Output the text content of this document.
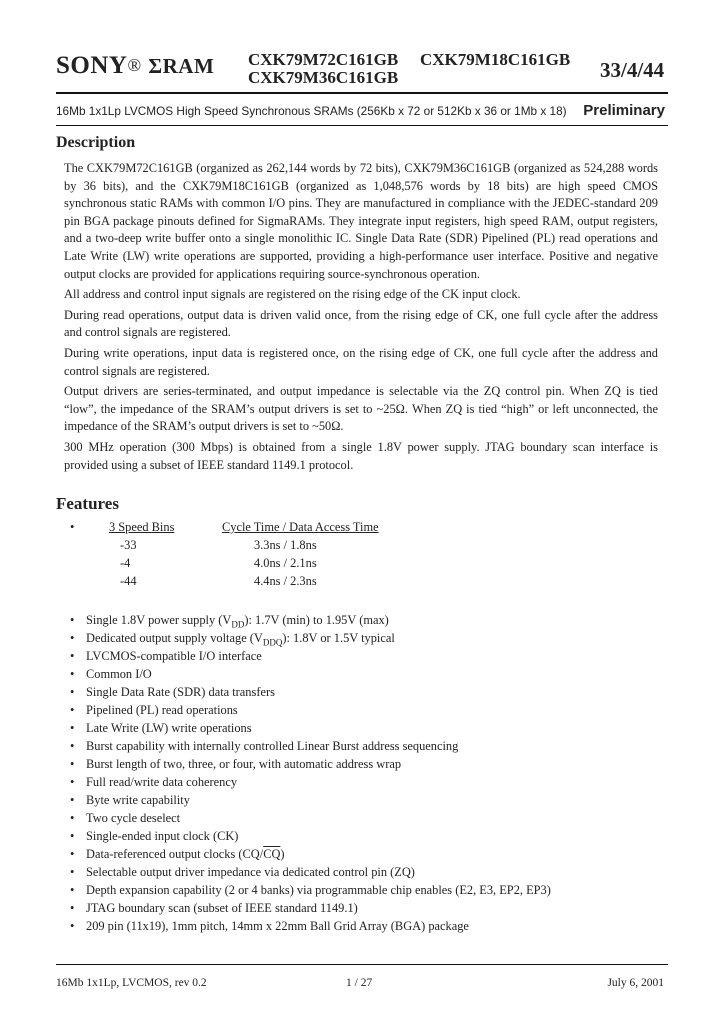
SONY® ΣRAM CXK79M72C161GB CXK79M18C161GB
CXK79M36C161GB	33/4/44
16Mb 1x1Lp LVCMOS High Speed Synchronous SRAMs (256Kb x 72 or 512Kb x 36 or 1Mb x 18) Preliminary
Description

The CXK79M72C161GB (organized as 262,144 words by 72 bits), CXK79M36C161GB (organized as 524,288 words by 36 bits), and the CXK79M18C161GB (organized as 1,048,576 words by 18 bits) are high speed CMOS synchronous static RAMs with common I/O pins. They are manufactured in compliance with the JEDEC-standard 209 pin BGA package pinouts defined for SigmaRAMs. They integrate input registers, high speed RAM, output registers, and a two-deep write buffer onto a single monolithic IC. Single Data Rate (SDR) Pipelined (PL) read operations and Late Write (LW) write operations are supported, providing a high-performance user interface. Positive and negative output clocks are provided for applications requiring source-synchronous operation.

All address and control input signals are registered on the rising edge of the CK input clock.

During read operations, output data is driven valid once, from the rising edge of CK, one full cycle after the address and control signals are registered.

During write operations, input data is registered once, on the rising edge of CK, one full cycle after the address and control signals are registered.

Output drivers are series-terminated, and output impedance is selectable via the ZQ control pin. When ZQ is tied “low”, the impedance of the SRAM’s output drivers is set to ~25Ω. When ZQ is tied “high” or left unconnected, the impedance of the SRAM’s output drivers is set to ~50Ω.

300 MHz operation (300 Mbps) is obtained from a single 1.8V power supply. JTAG boundary scan interface is provided using a subset of IEEE standard 1149.1 protocol.

Features
•	3 Speed Bins	Cycle Time / Data Access Time
-33	3.3ns / 1.8ns
-4	4.0ns / 2.1ns
-44	4.4ns / 2.3ns
• Single 1.8V power supply $(V_{DD})$: 1.7V (min) to 1.95V (max)
• Dedicated output supply voltage $(V_{DDQ})$: 1.8V or 1.5V typical
• LVCMOS-compatible I/O interface
• Common I/O
• Single Data Rate (SDR) data transfers
• Pipelined (PL) read operations
• Late Write (LW) write operations
• Burst capability with internally controlled Linear Burst address sequencing
• Burst length of two, three, or four, with automatic address wrap
• Full read/write data coherency
• Byte write capability
• Two cycle deselect
• Single-ended input clock (CK)
• Data-referenced output clocks $(CQ/\overline{CQ})$
• Selectable output driver impedance via dedicated control pin (ZQ)
• Depth expansion capability (2 or 4 banks) via programmable chip enables (E2, E3, EP2, EP3)
• JTAG boundary scan (subset of IEEE standard 1149.1)
• 209 pin (11x19), 1mm pitch, 14mm x 22mm Ball Grid Array (BGA) package
16Mb 1x1Lp, LVCMOS, rev 0.2	1 / 27	July 6, 2001
